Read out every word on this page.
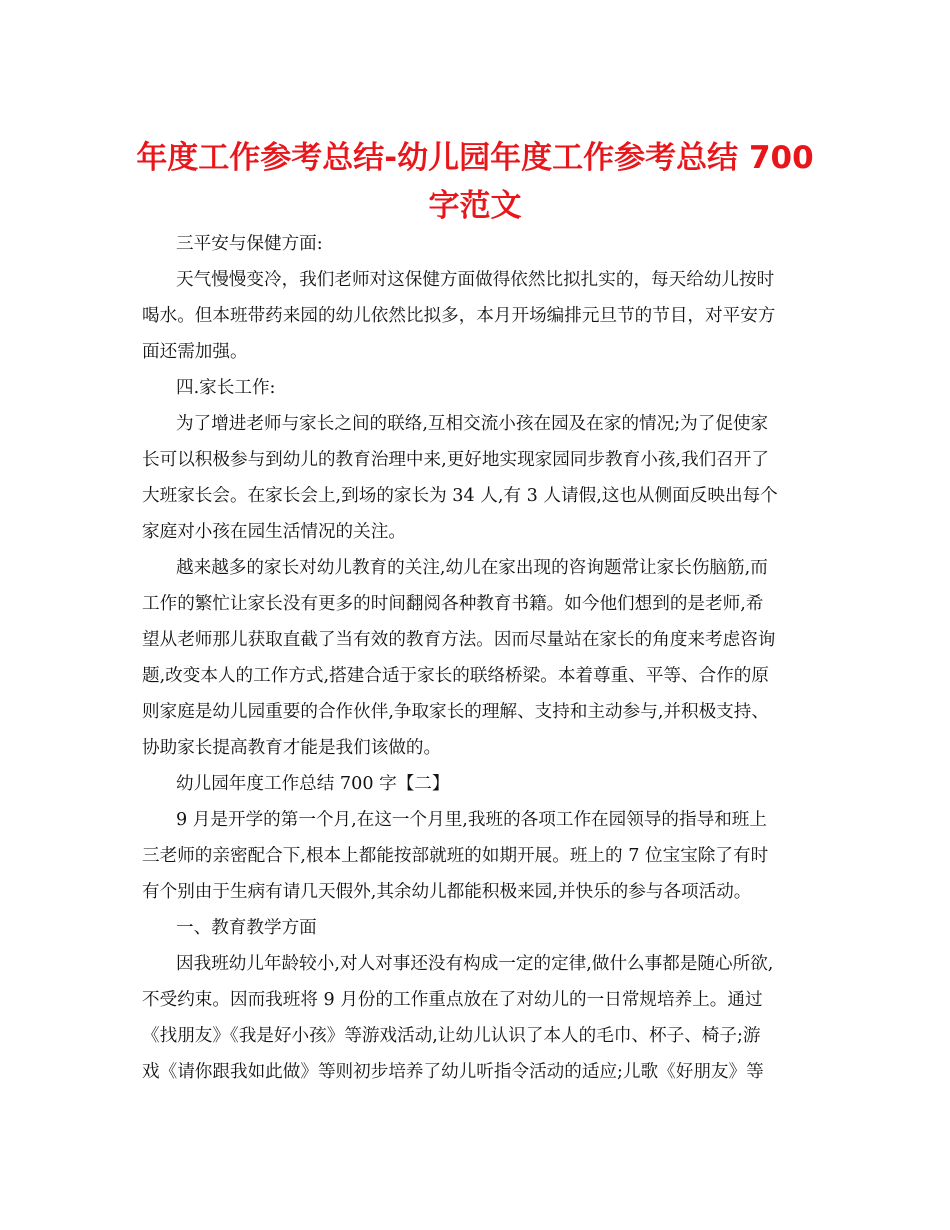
年度工作参考总结-幼儿园年度工作参考总结 700
字范文
三平安与保健方面:
天气慢慢变冷，我们老师对这保健方面做得依然比拟扎实的，每天给幼儿按时
喝水。但本班带药来园的幼儿依然比拟多，本月开场编排元旦节的节目，对平安方
面还需加强。
四.家长工作:
为了增进老师与家长之间的联络,互相交流小孩在园及在家的情况;为了促使家
长可以积极参与到幼儿的教育治理中来,更好地实现家园同步教育小孩,我们召开了
大班家长会。在家长会上,到场的家长为 34 人,有 3 人请假,这也从侧面反映出每个
家庭对小孩在园生活情况的关注。
越来越多的家长对幼儿教育的关注,幼儿在家出现的咨询题常让家长伤脑筋,而
工作的繁忙让家长没有更多的时间翻阅各种教育书籍。如今他们想到的是老师,希
望从老师那儿获取直截了当有效的教育方法。因而尽量站在家长的角度来考虑咨询
题,改变本人的工作方式,搭建合适于家长的联络桥梁。本着尊重、平等、合作的原
则家庭是幼儿园重要的合作伙伴,争取家长的理解、支持和主动参与,并积极支持、
协助家长提高教育才能是我们该做的。
幼儿园年度工作总结 700 字【二】
9 月是开学的第一个月,在这一个月里,我班的各项工作在园领导的指导和班上
三老师的亲密配合下,根本上都能按部就班的如期开展。班上的 7 位宝宝除了有时
有个别由于生病有请几天假外,其余幼儿都能积极来园,并快乐的参与各项活动。
一、教育教学方面
因我班幼儿年龄较小,对人对事还没有构成一定的定律,做什么事都是随心所欲,
不受约束。因而我班将 9 月份的工作重点放在了对幼儿的一日常规培养上。通过
《找朋友》《我是好小孩》等游戏活动,让幼儿认识了本人的毛巾、杯子、椅子;游
戏《请你跟我如此做》等则初步培养了幼儿听指令活动的适应;儿歌《好朋友》等
